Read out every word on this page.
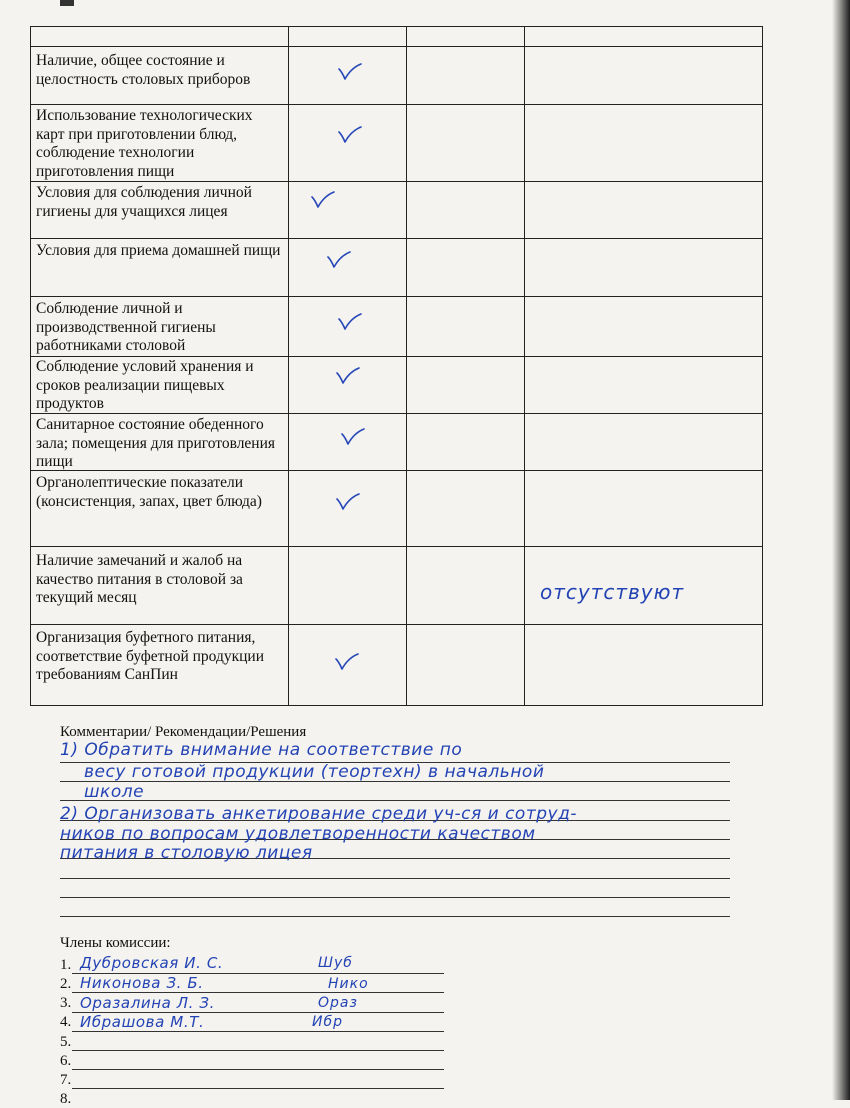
Наличие, общее состояние и целостность столовых приборов
Использование технологических карт при приготовлении блюд, соблюдение технологии приготовления пищи
Условия для соблюдения личной гигиены для учащихся лицея
Условия для приема домашней пищи
Соблюдение личной и производственной гигиены работниками столовой
Соблюдение условий хранения и сроков реализации пищевых продуктов
Санитарное состояние обеденного зала; помещения для приготовления пищи
Органолептические показатели (консистенция, запах, цвет блюда)
Наличие замечаний и жалоб на качество питания в столовой за текущий месяц
Организация буфетного питания, соответствие буфетной продукции требованиям СанПин
отсутствуют
Комментарии/ Рекомендации/Решения
1) Обратить внимание на соответствие по
весу готовой продукции (теортехн) в начальной
школе
2) Организовать анкетирование среди уч-ся и сотруд-
ников по вопросам удовлетворенности качеством
питания в столовую лицея
Члены комиссии:
1.
2.
3.
4.
5.
6.
7.
8.
Дубровская И. С.
Никонова З. Б.
Оразалина Л. З.
Ибрашова М.Т.
Шуб
Нико
Ораз
Ибр
